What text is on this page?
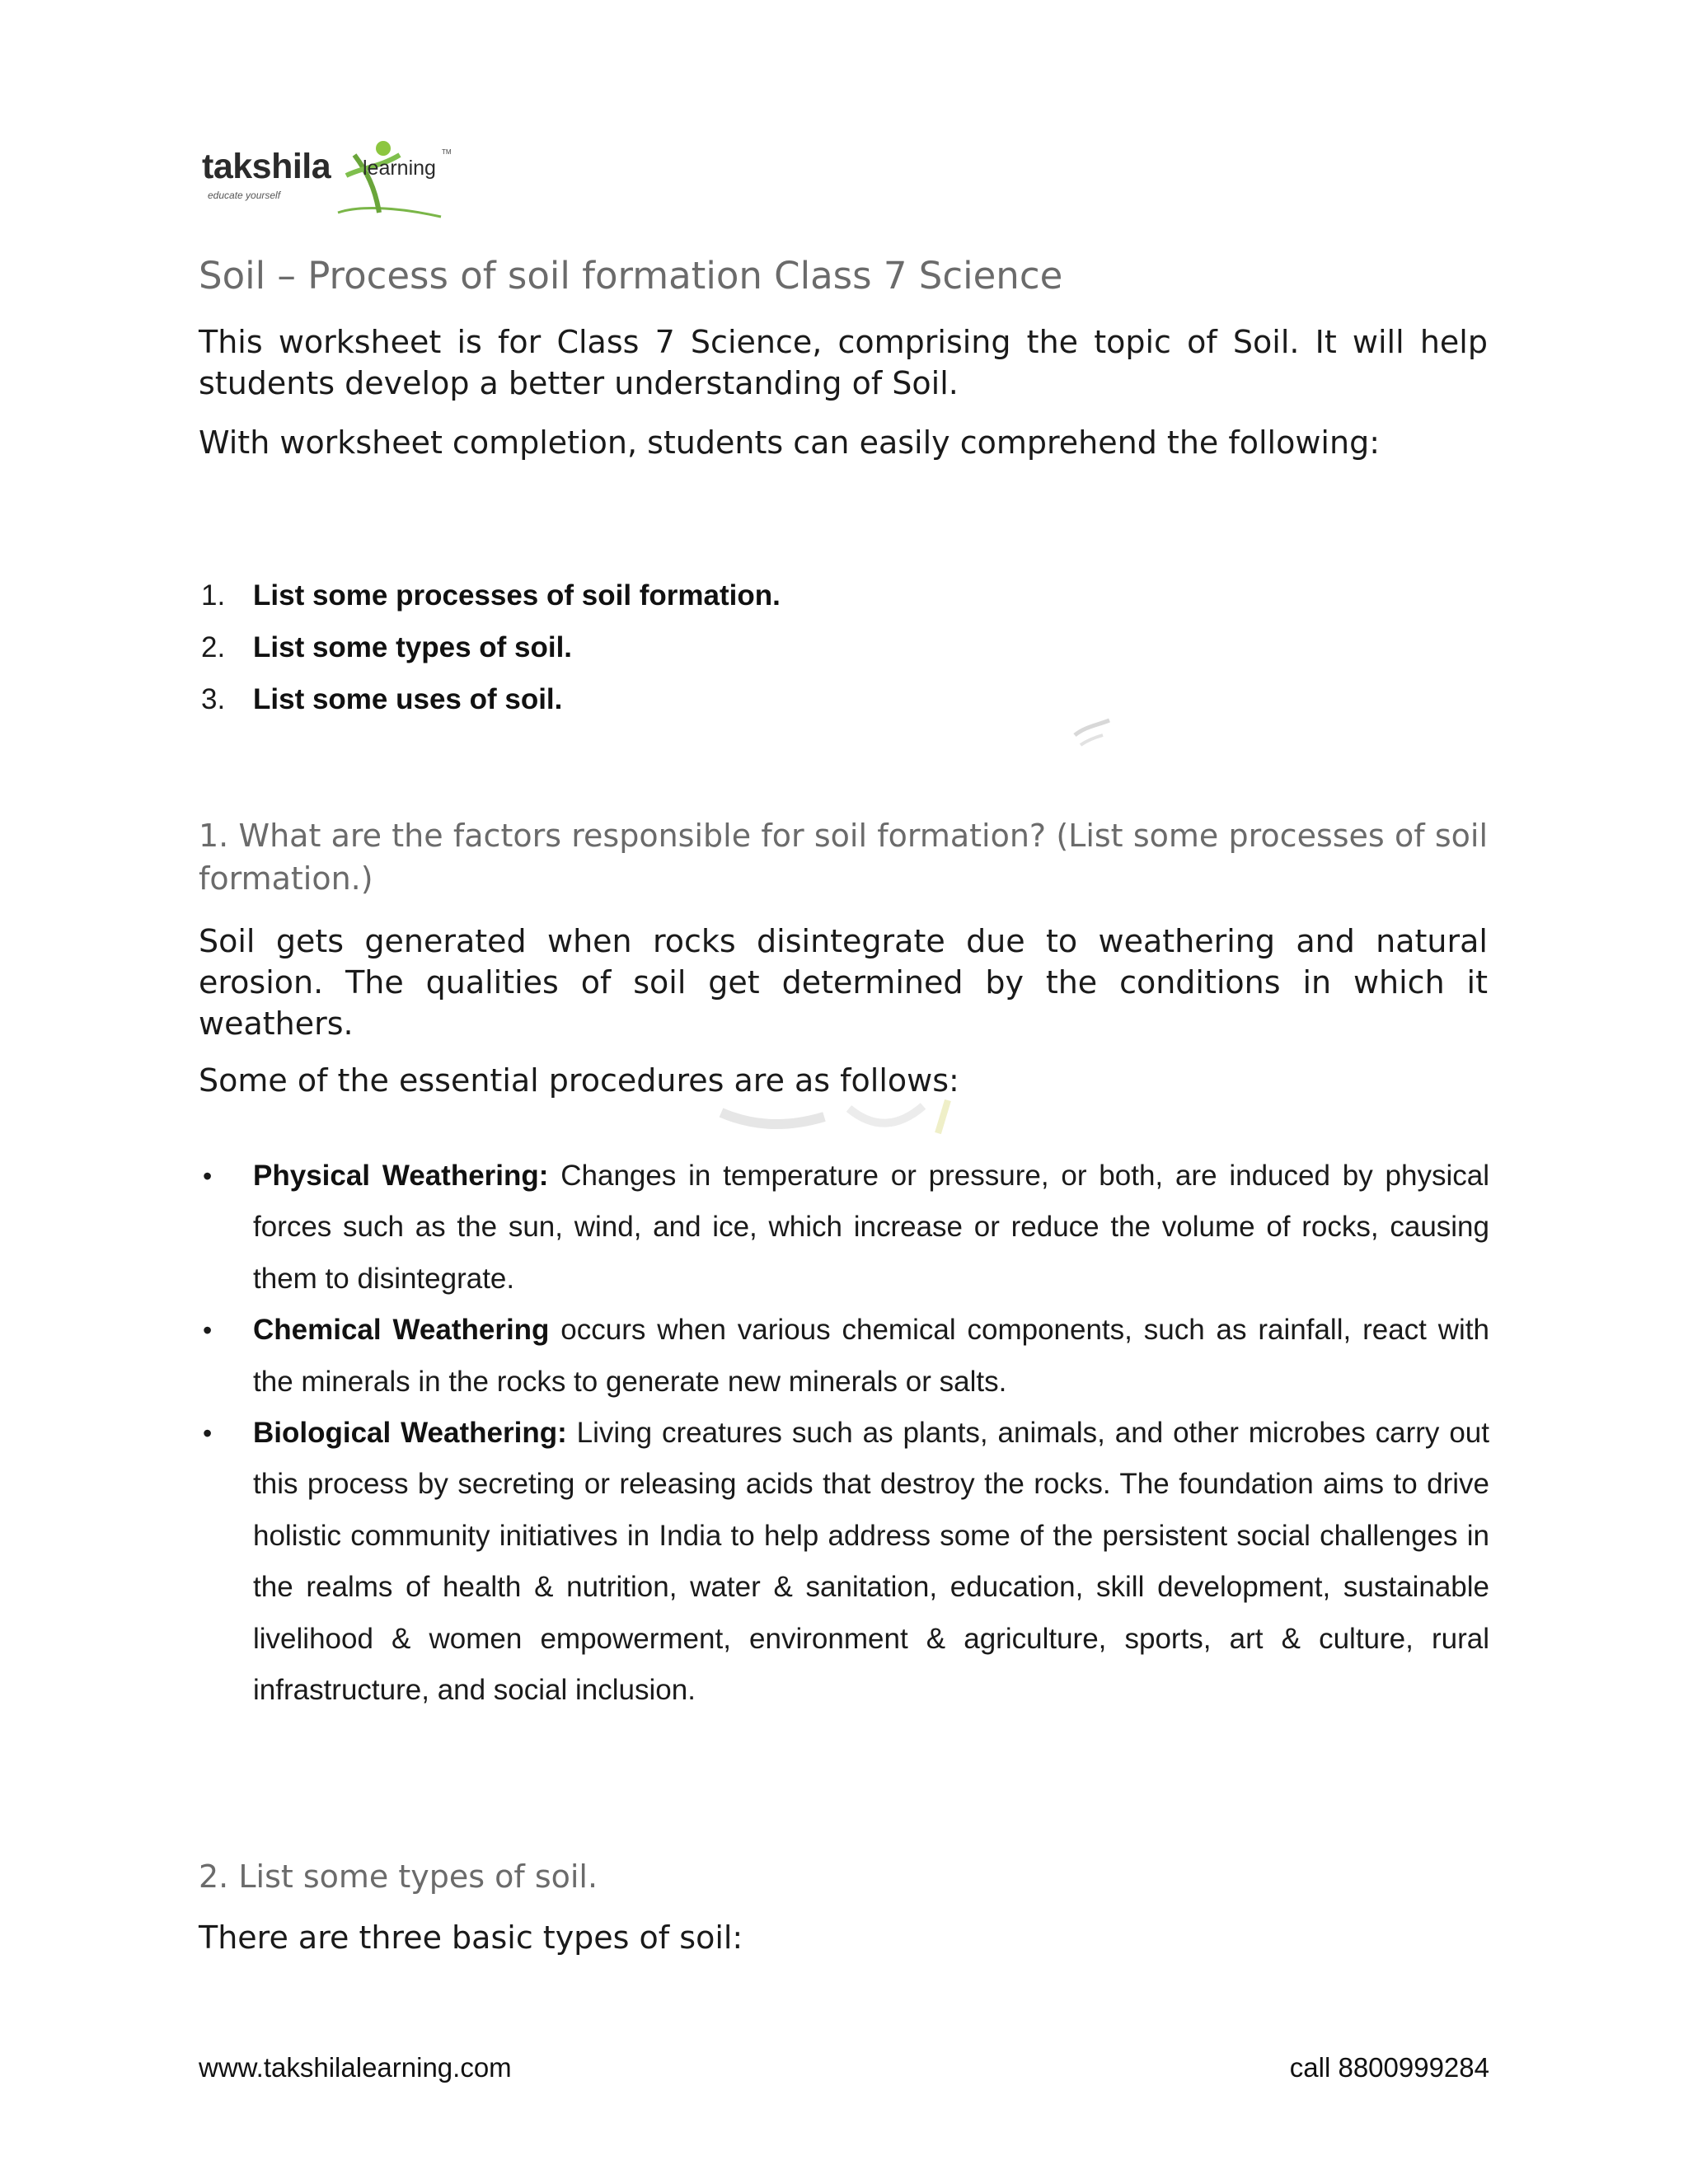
takshila
educate yourself
learning
TM
Soil – Process of soil formation Class 7 Science
This worksheet is for Class 7 Science, comprising the topic of Soil. It will help students develop a better understanding of Soil.
With worksheet completion, students can easily comprehend the following:
1. List some processes of soil formation.
2. List some types of soil.
3. List some uses of soil.
1. What are the factors responsible for soil formation? (List some processes of soil formation.)
Soil gets generated when rocks disintegrate due to weathering and natural erosion. The qualities of soil get determined by the conditions in which it weathers.
Some of the essential procedures are as follows:
• Physical Weathering: Changes in temperature or pressure, or both, are induced by physical forces such as the sun, wind, and ice, which increase or reduce the volume of rocks, causing them to disintegrate.
• Chemical Weathering occurs when various chemical components, such as rainfall, react with the minerals in the rocks to generate new minerals or salts.
• Biological Weathering: Living creatures such as plants, animals, and other microbes carry out this process by secreting or releasing acids that destroy the rocks. The foundation aims to drive holistic community initiatives in India to help address some of the persistent social challenges in the realms of health & nutrition, water & sanitation, education, skill development, sustainable livelihood & women empowerment, environment & agriculture, sports, art & culture, rural infrastructure, and social inclusion.
2. List some types of soil.
There are three basic types of soil:
www.takshilalearning.com	call 8800999284
